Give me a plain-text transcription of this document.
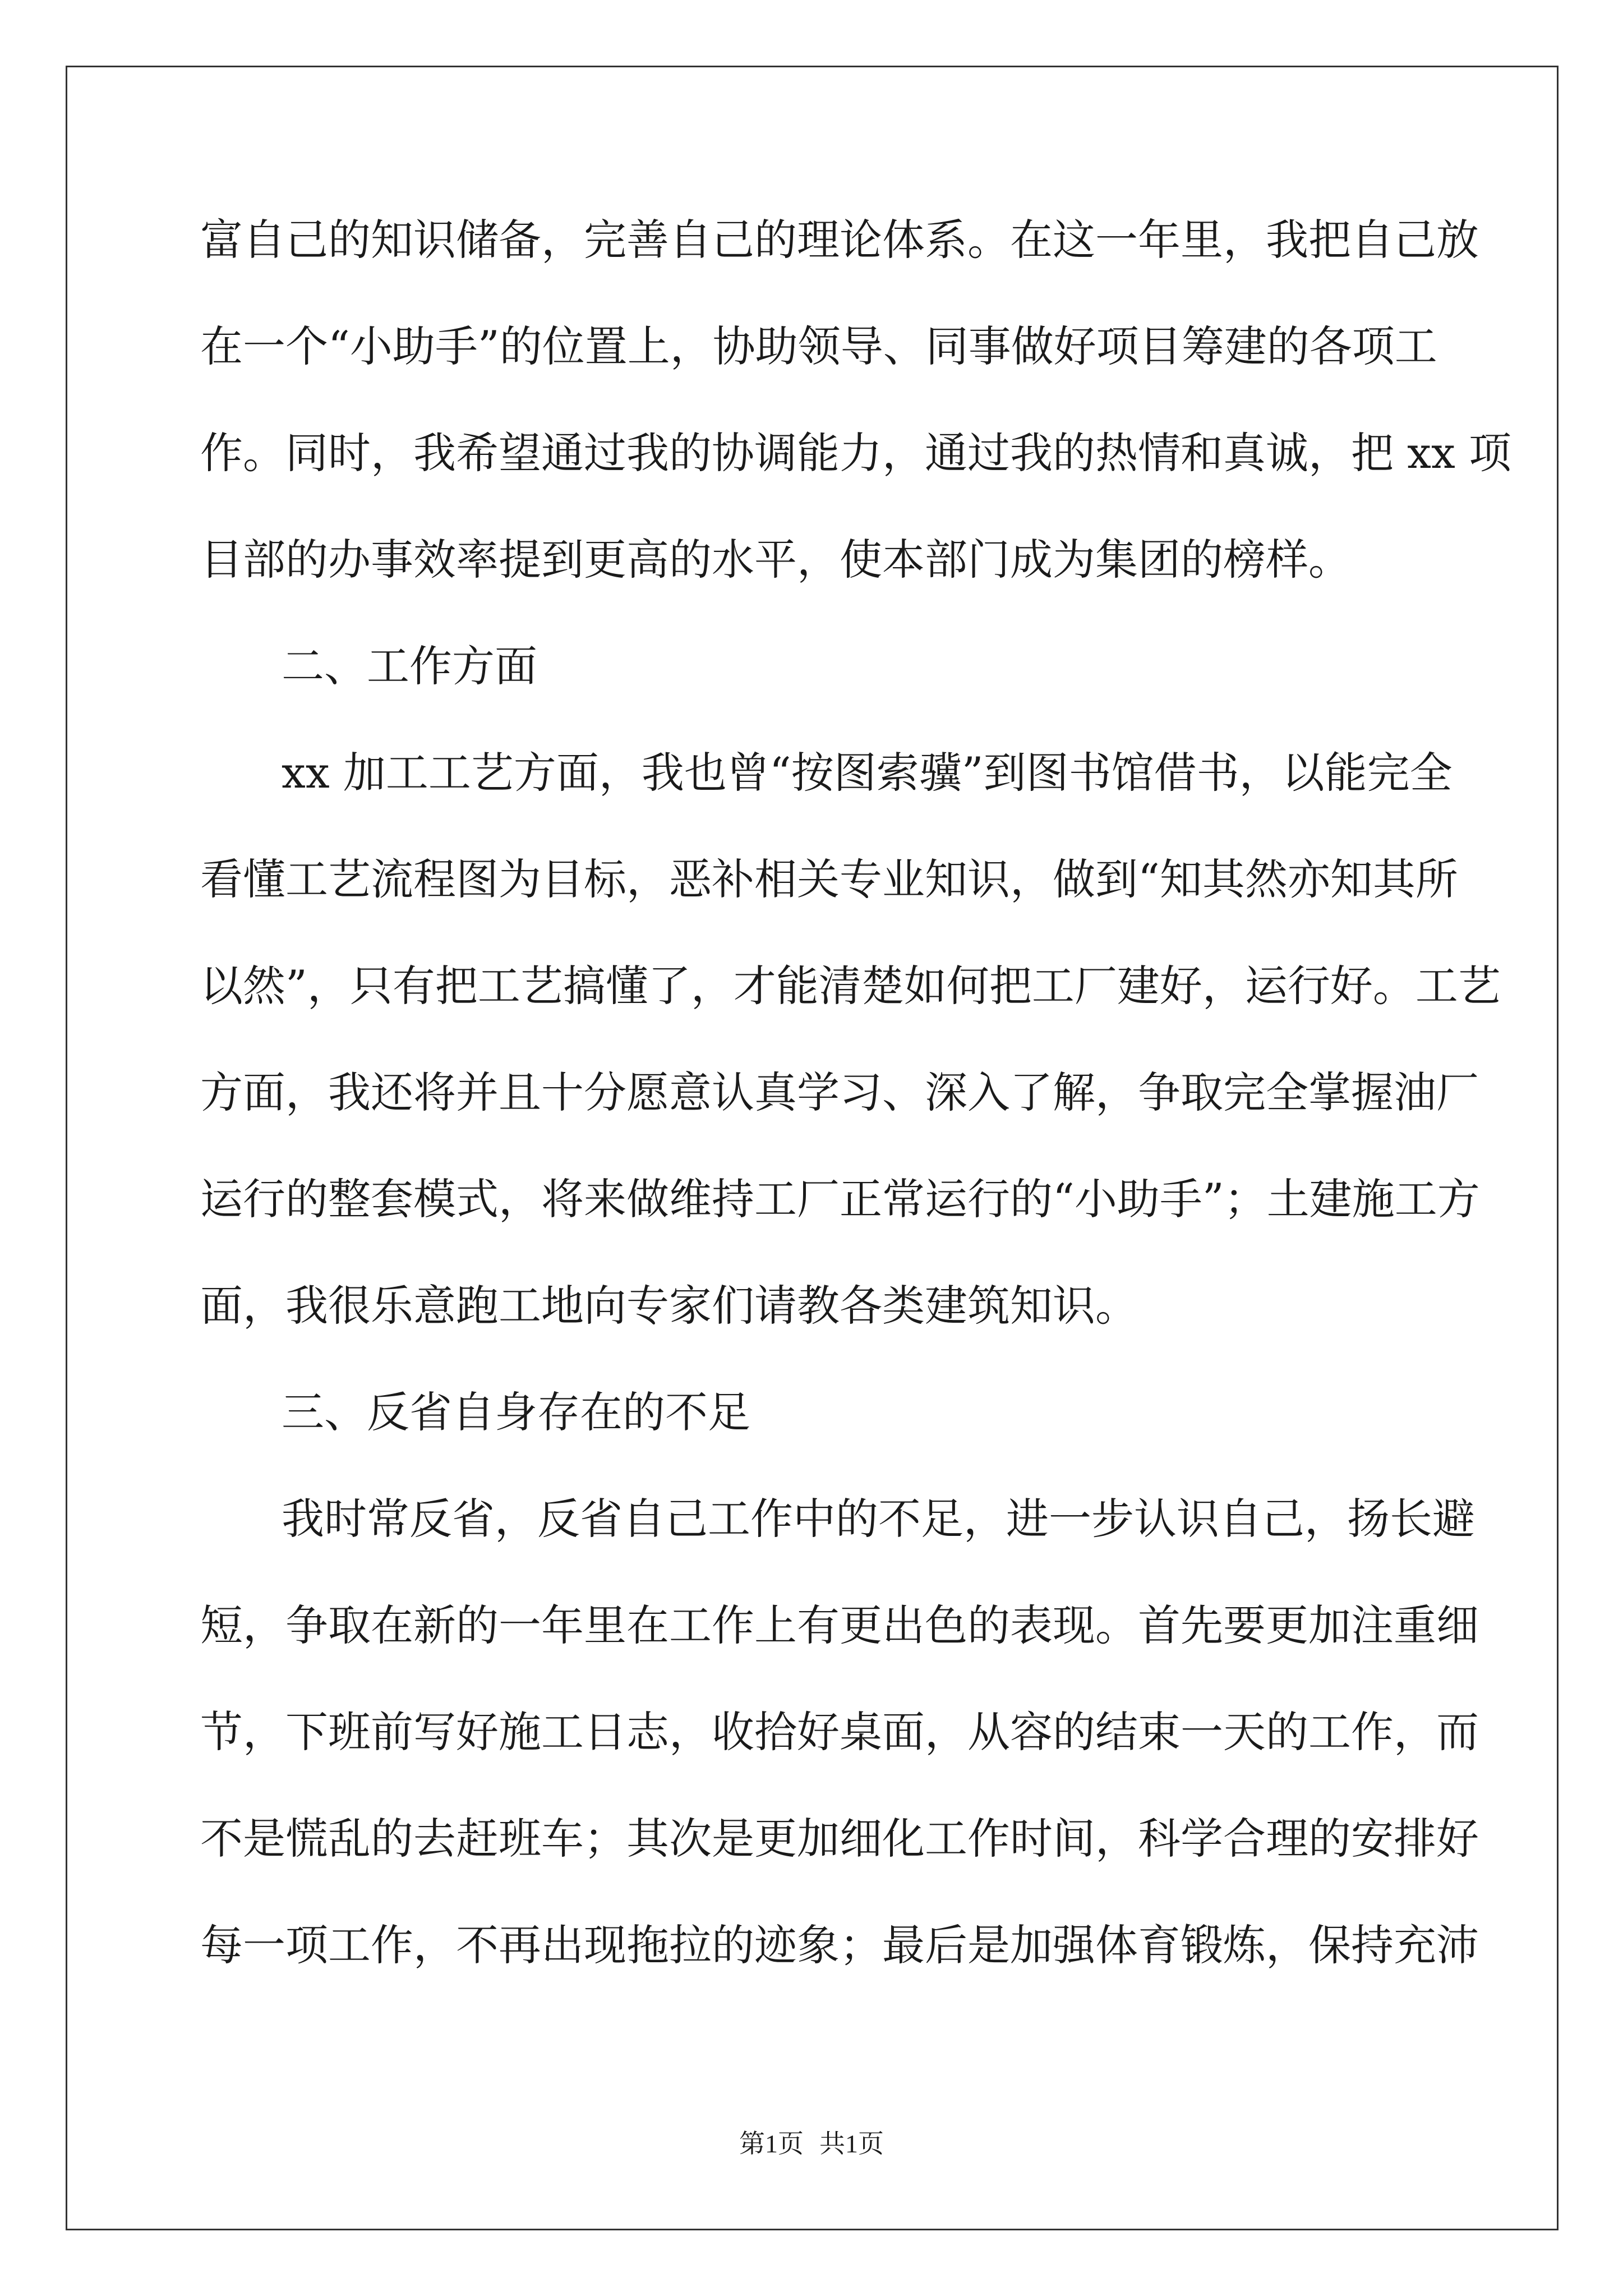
富自己的知识储备，完善自己的理论体系。在这一年里，我把自己放
在一个“小助手”的位置上，协助领导、同事做好项目筹建的各项工
作。同时，我希望通过我的协调能力，通过我的热情和真诚，把 xx 项
目部的办事效率提到更高的水平，使本部门成为集团的榜样。
二、工作方面
xx 加工工艺方面，我也曾“按图索骥”到图书馆借书，以能完全
看懂工艺流程图为目标，恶补相关专业知识，做到“知其然亦知其所
以然”，只有把工艺搞懂了，才能清楚如何把工厂建好，运行好。工艺
方面，我还将并且十分愿意认真学习、深入了解，争取完全掌握油厂
运行的整套模式，将来做维持工厂正常运行的“小助手”；土建施工方
面，我很乐意跑工地向专家们请教各类建筑知识。
三、反省自身存在的不足
我时常反省，反省自己工作中的不足，进一步认识自己，扬长避
短，争取在新的一年里在工作上有更出色的表现。首先要更加注重细
节，下班前写好施工日志，收拾好桌面，从容的结束一天的工作，而
不是慌乱的去赶班车；其次是更加细化工作时间，科学合理的安排好
每一项工作，不再出现拖拉的迹象；最后是加强体育锻炼，保持充沛
第1页 共1页
